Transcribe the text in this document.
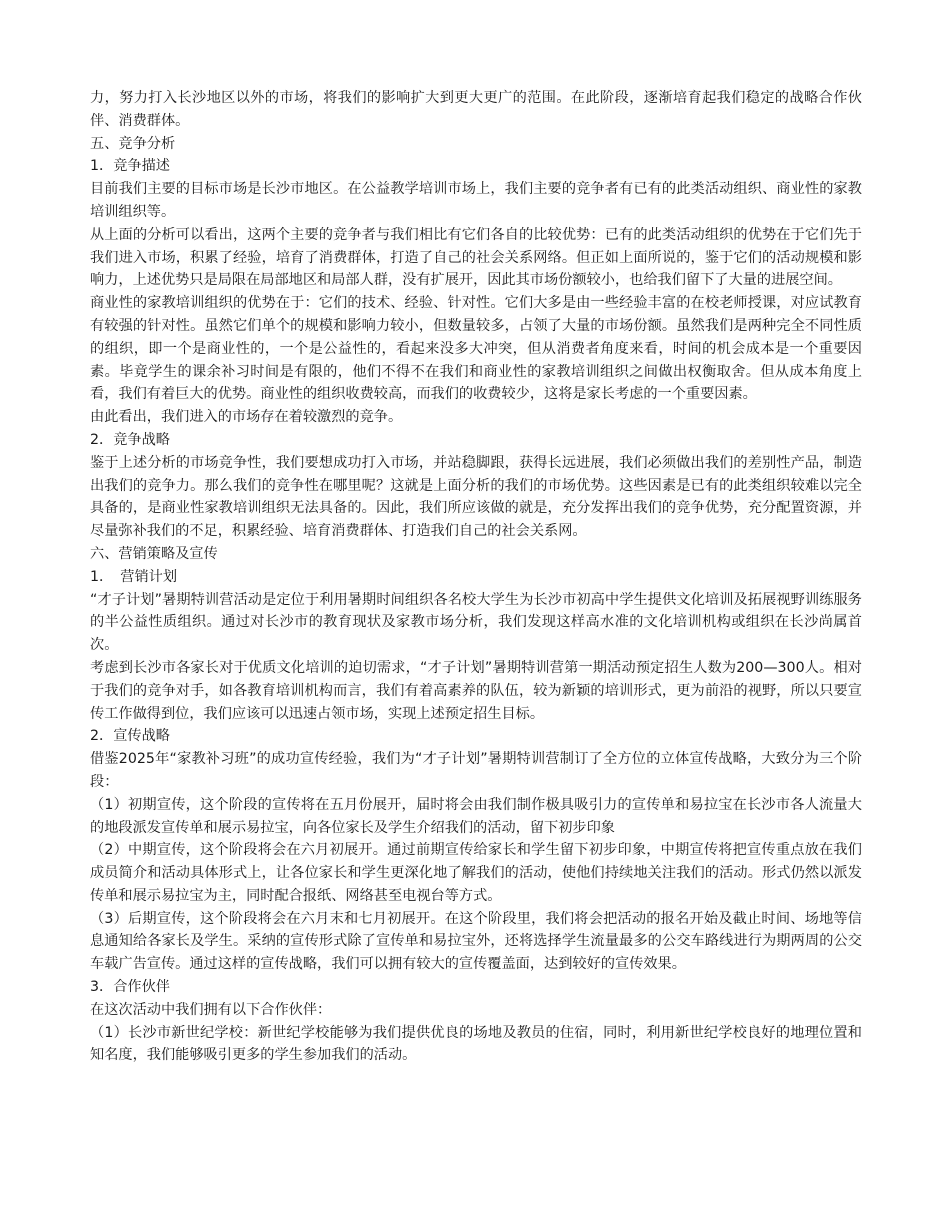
力，努力打入长沙地区以外的市场，将我们的影响扩大到更大更广的范围。在此阶段，逐渐培育起我们稳定的战略合作伙伴、消费群体。

五、竞争分析

1．竞争描述

目前我们主要的目标市场是长沙市地区。在公益教学培训市场上，我们主要的竞争者有已有的此类活动组织、商业性的家教培训组织等。

从上面的分析可以看出，这两个主要的竞争者与我们相比有它们各自的比较优势：已有的此类活动组织的优势在于它们先于我们进入市场，积累了经验，培育了消费群体，打造了自己的社会关系网络。但正如上面所说的，鉴于它们的活动规模和影响力，上述优势只是局限在局部地区和局部人群，没有扩展开，因此其市场份额较小，也给我们留下了大量的进展空间。

商业性的家教培训组织的优势在于：它们的技术、经验、针对性。它们大多是由一些经验丰富的在校老师授课，对应试教育有较强的针对性。虽然它们单个的规模和影响力较小，但数量较多，占领了大量的市场份额。虽然我们是两种完全不同性质的组织，即一个是商业性的，一个是公益性的，看起来没多大冲突，但从消费者角度来看，时间的机会成本是一个重要因素。毕竟学生的课余补习时间是有限的，他们不得不在我们和商业性的家教培训组织之间做出权衡取舍。但从成本角度上看，我们有着巨大的优势。商业性的组织收费较高，而我们的收费较少，这将是家长考虑的一个重要因素。

由此看出，我们进入的市场存在着较激烈的竞争。

2．竞争战略

鉴于上述分析的市场竞争性，我们要想成功打入市场，并站稳脚跟，获得长远进展，我们必须做出我们的差别性产品，制造出我们的竞争力。那么我们的竞争性在哪里呢？这就是上面分析的我们的市场优势。这些因素是已有的此类组织较难以完全具备的，是商业性家教培训组织无法具备的。因此，我们所应该做的就是，充分发挥出我们的竞争优势，充分配置资源，并尽量弥补我们的不足，积累经验、培育消费群体、打造我们自己的社会关系网。

六、营销策略及宣传

1．　营销计划

“才子计划”暑期特训营活动是定位于利用暑期时间组织各名校大学生为长沙市初高中学生提供文化培训及拓展视野训练服务的半公益性质组织。通过对长沙市的教育现状及家教市场分析，我们发现这样高水准的文化培训机构或组织在长沙尚属首次。

考虑到长沙市各家长对于优质文化培训的迫切需求，“才子计划”暑期特训营第一期活动预定招生人数为200—300人。相对于我们的竞争对手，如各教育培训机构而言，我们有着高素养的队伍，较为新颖的培训形式，更为前沿的视野，所以只要宣传工作做得到位，我们应该可以迅速占领市场，实现上述预定招生目标。

2．宣传战略

借鉴2025年“家教补习班”的成功宣传经验，我们为“才子计划”暑期特训营制订了全方位的立体宣传战略，大致分为三个阶段：

（1）初期宣传，这个阶段的宣传将在五月份展开，届时将会由我们制作极具吸引力的宣传单和易拉宝在长沙市各人流量大的地段派发宣传单和展示易拉宝，向各位家长及学生介绍我们的活动，留下初步印象

（2）中期宣传，这个阶段将会在六月初展开。通过前期宣传给家长和学生留下初步印象，中期宣传将把宣传重点放在我们成员简介和活动具体形式上，让各位家长和学生更深化地了解我们的活动，使他们持续地关注我们的活动。形式仍然以派发传单和展示易拉宝为主，同时配合报纸、网络甚至电视台等方式。

（3）后期宣传，这个阶段将会在六月末和七月初展开。在这个阶段里，我们将会把活动的报名开始及截止时间、场地等信息通知给各家长及学生。采纳的宣传形式除了宣传单和易拉宝外，还将选择学生流量最多的公交车路线进行为期两周的公交车载广告宣传。通过这样的宣传战略，我们可以拥有较大的宣传覆盖面，达到较好的宣传效果。

3．合作伙伴

在这次活动中我们拥有以下合作伙伴：

（1）长沙市新世纪学校：新世纪学校能够为我们提供优良的场地及教员的住宿，同时，利用新世纪学校良好的地理位置和知名度，我们能够吸引更多的学生参加我们的活动。
